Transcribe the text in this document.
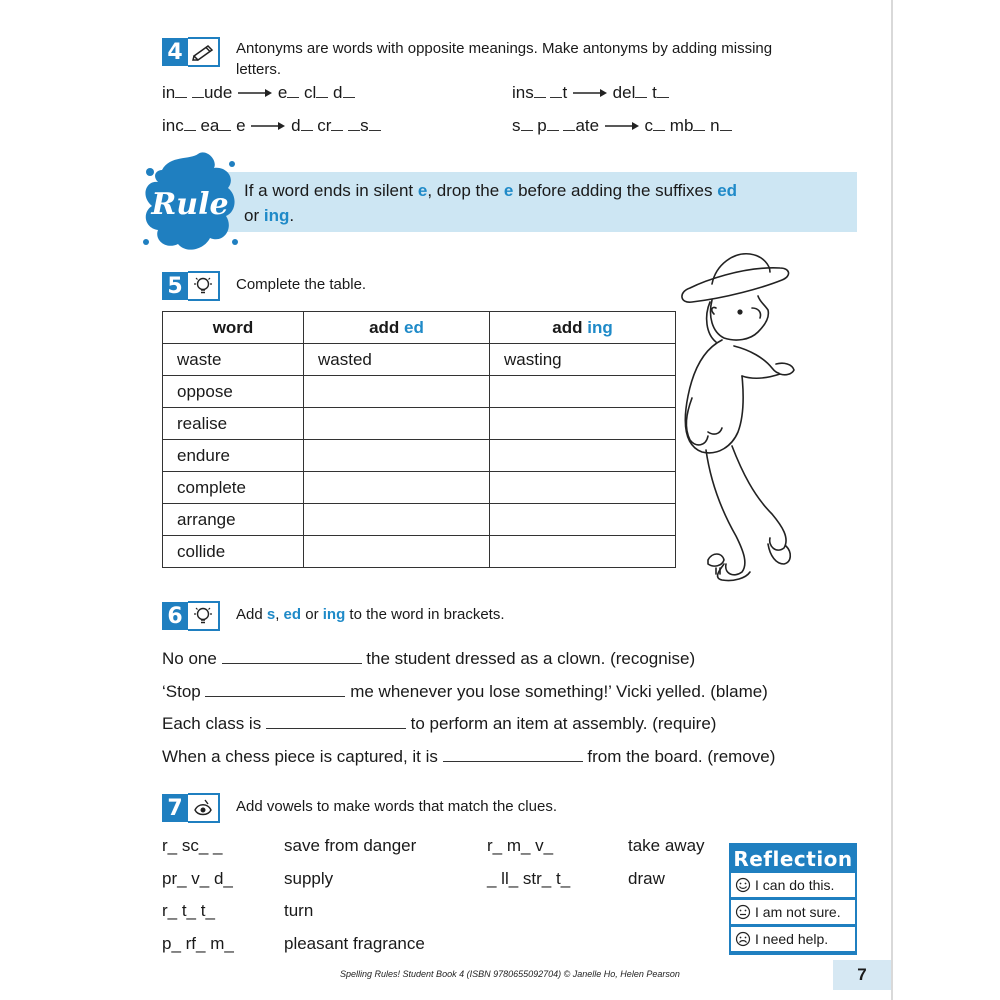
4	Antonyms are words with opposite meanings. Make antonyms by adding missing
letters.
in ude	e cl d	ins t	del t
inc ea e	d cr s	s p ate	c mb n
Rule If a word ends in silent e, drop the e before adding the suffixes ed
or ing.
5	Complete the table.
word	add ed	add ing
waste	wasted	wasting
oppose		
realise		
endure		
complete		
arrange		
collide		
6	Add s, ed or ing to the word in brackets.
No one	the student dressed as a clown. (recognise)
‘Stop	me whenever you lose something!’ Vicki yelled. (blame)
Each class is	to perform an item at assembly. (require)
When a chess piece is captured, it is	from the board. (remove)
7	Add vowels to make words that match the clues.
r_ sc_ _	save from danger
pr_ v_ d_	supply
r_ t_ t_	turn
p_ rf_ m_	pleasant fragrance
r_ m_ v_	take away
_ ll_ str_ t_	draw
Reflection
I can do this.
I am not sure.
I need help.
Spelling Rules! Student Book 4 (ISBN 9780655092704) © Janelle Ho, Helen Pearson	7
